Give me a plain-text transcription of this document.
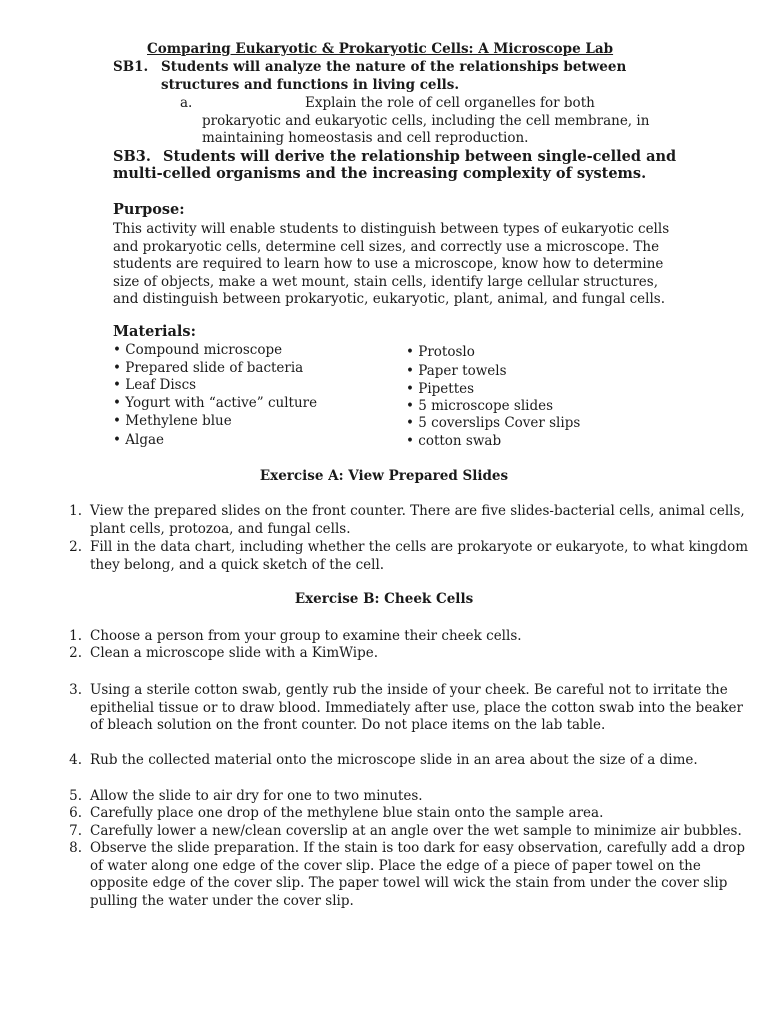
Comparing Eukaryotic & Prokaryotic Cells: A Microscope Lab
SB1. Students will analyze the nature of the relationships between
structures and functions in living cells.
a.	Explain the role of cell organelles for both
prokaryotic and eukaryotic cells, including the cell membrane, in
maintaining homeostasis and cell reproduction.
SB3. Students will derive the relationship between single-celled and
multi-celled organisms and the increasing complexity of systems.
Purpose:
This activity will enable students to distinguish between types of eukaryotic cells
and prokaryotic cells, determine cell sizes, and correctly use a microscope. The
students are required to learn how to use a microscope, know how to determine
size of objects, make a wet mount, stain cells, identify large cellular structures,
and distinguish between prokaryotic, eukaryotic, plant, animal, and fungal cells.
Materials:
• Compound microscope
• Prepared slide of bacteria
• Leaf Discs
• Yogurt with “active” culture
• Methylene blue
• Algae
• Protoslo
• Paper towels
• Pipettes
• 5 microscope slides
• 5 coverslips Cover slips
• cotton swab
Exercise A: View Prepared Slides
1. View the prepared slides on the front counter. There are five slides-bacterial cells, animal cells,
plant cells, protozoa, and fungal cells.
2. Fill in the data chart, including whether the cells are prokaryote or eukaryote, to what kingdom
they belong, and a quick sketch of the cell.
Exercise B: Cheek Cells
1. Choose a person from your group to examine their cheek cells.
2. Clean a microscope slide with a KimWipe.
3. Using a sterile cotton swab, gently rub the inside of your cheek. Be careful not to irritate the
epithelial tissue or to draw blood. Immediately after use, place the cotton swab into the beaker
of bleach solution on the front counter. Do not place items on the lab table.
4. Rub the collected material onto the microscope slide in an area about the size of a dime.
5. Allow the slide to air dry for one to two minutes.
6. Carefully place one drop of the methylene blue stain onto the sample area.
7. Carefully lower a new/clean coverslip at an angle over the wet sample to minimize air bubbles.
8. Observe the slide preparation. If the stain is too dark for easy observation, carefully add a drop
of water along one edge of the cover slip. Place the edge of a piece of paper towel on the
opposite edge of the cover slip. The paper towel will wick the stain from under the cover slip
pulling the water under the cover slip.
